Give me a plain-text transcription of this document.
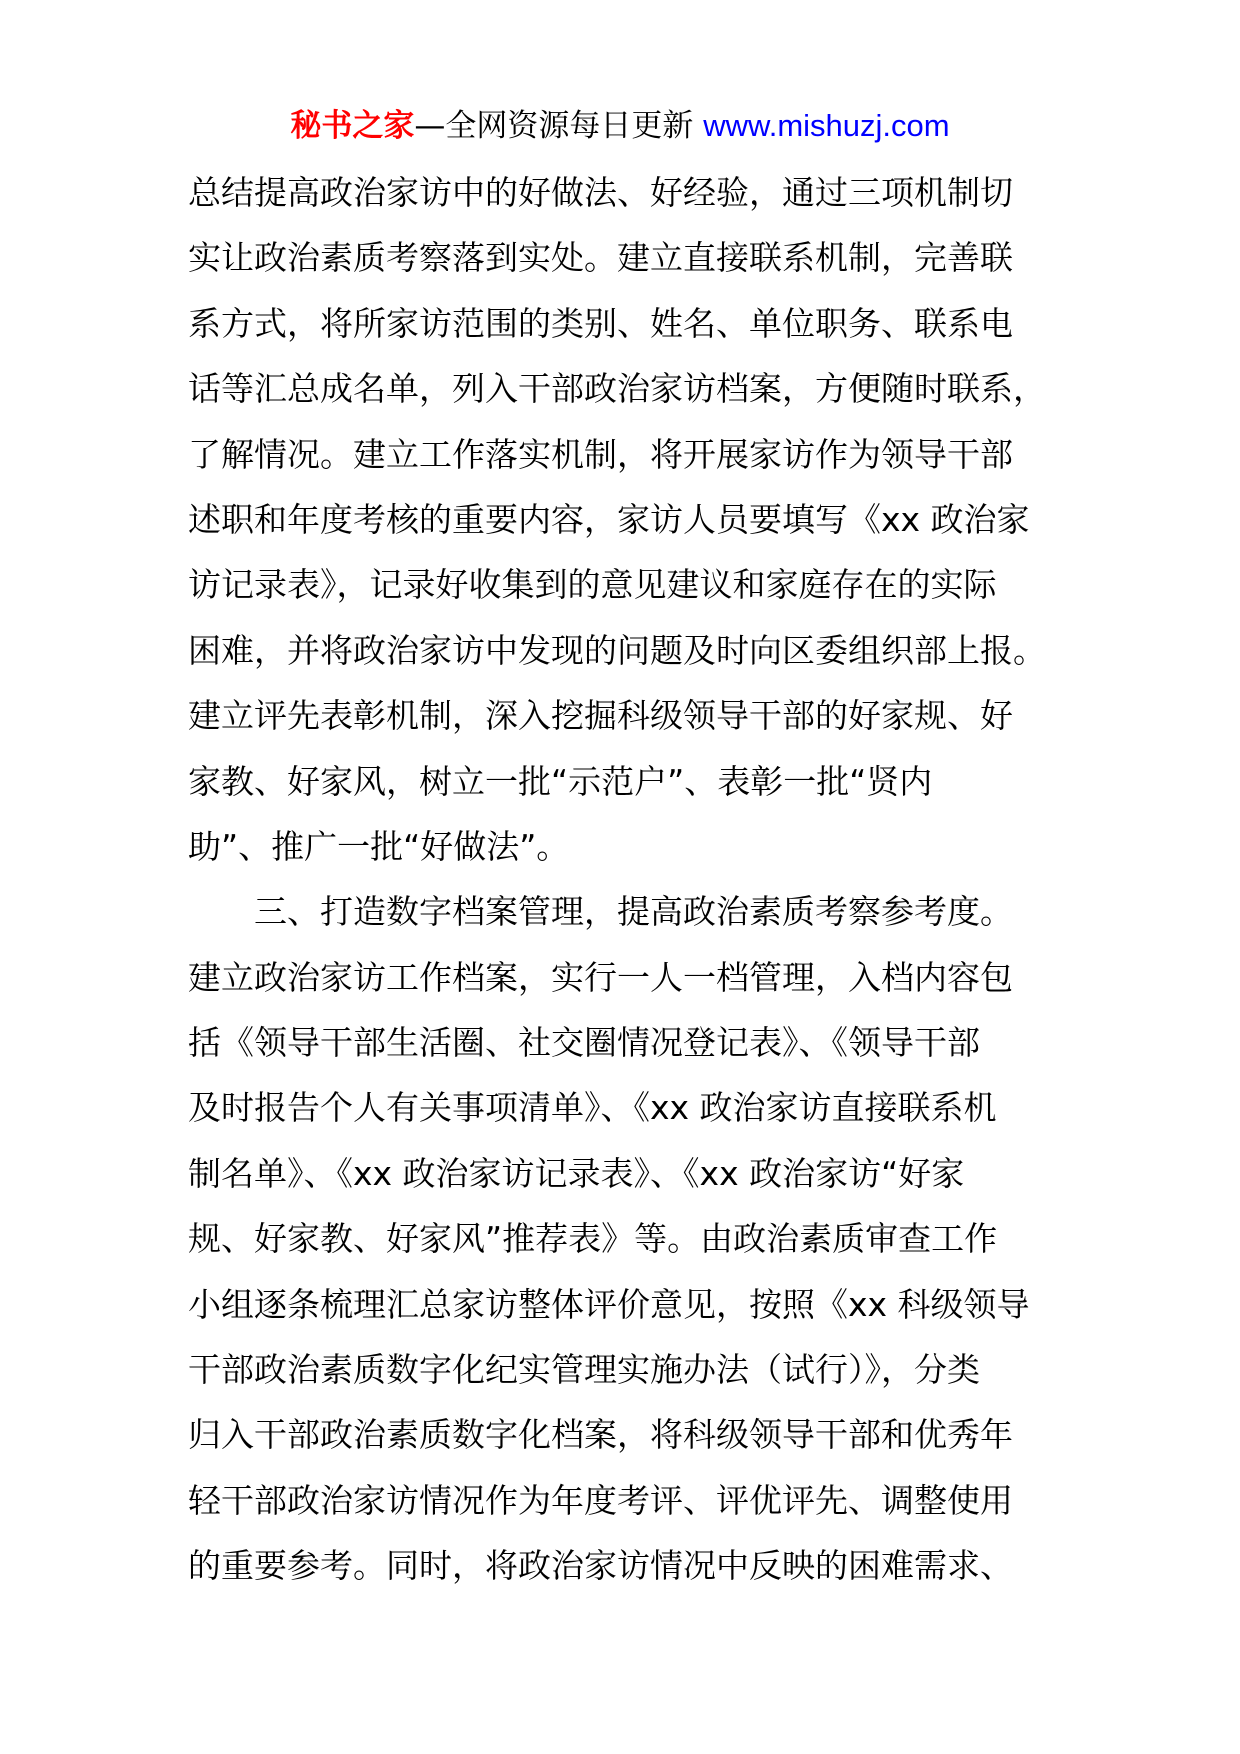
秘书之家—全网资源每日更新 www.mishuzj.com
总结提高政治家访中的好做法、好经验，通过三项机制切
实让政治素质考察落到实处。建立直接联系机制，完善联
系方式，将所家访范围的类别、姓名、单位职务、联系电
话等汇总成名单，列入干部政治家访档案，方便随时联系，
了解情况。建立工作落实机制，将开展家访作为领导干部
述职和年度考核的重要内容，家访人员要填写《xx 政治家
访记录表》，记录好收集到的意见建议和家庭存在的实际
困难，并将政治家访中发现的问题及时向区委组织部上报。
建立评先表彰机制，深入挖掘科级领导干部的好家规、好
家教、好家风，树立一批“示范户”、表彰一批“贤内
助”、推广一批“好做法”。
三、打造数字档案管理，提高政治素质考察参考度。
建立政治家访工作档案，实行一人一档管理，入档内容包
括《领导干部生活圈、社交圈情况登记表》、《领导干部
及时报告个人有关事项清单》、《xx 政治家访直接联系机
制名单》、《xx 政治家访记录表》、《xx 政治家访“好家
规、好家教、好家风”推荐表》等。由政治素质审查工作
小组逐条梳理汇总家访整体评价意见，按照《xx 科级领导
干部政治素质数字化纪实管理实施办法（试行）》，分类
归入干部政治素质数字化档案，将科级领导干部和优秀年
轻干部政治家访情况作为年度考评、评优评先、调整使用
的重要参考。同时，将政治家访情况中反映的困难需求、
